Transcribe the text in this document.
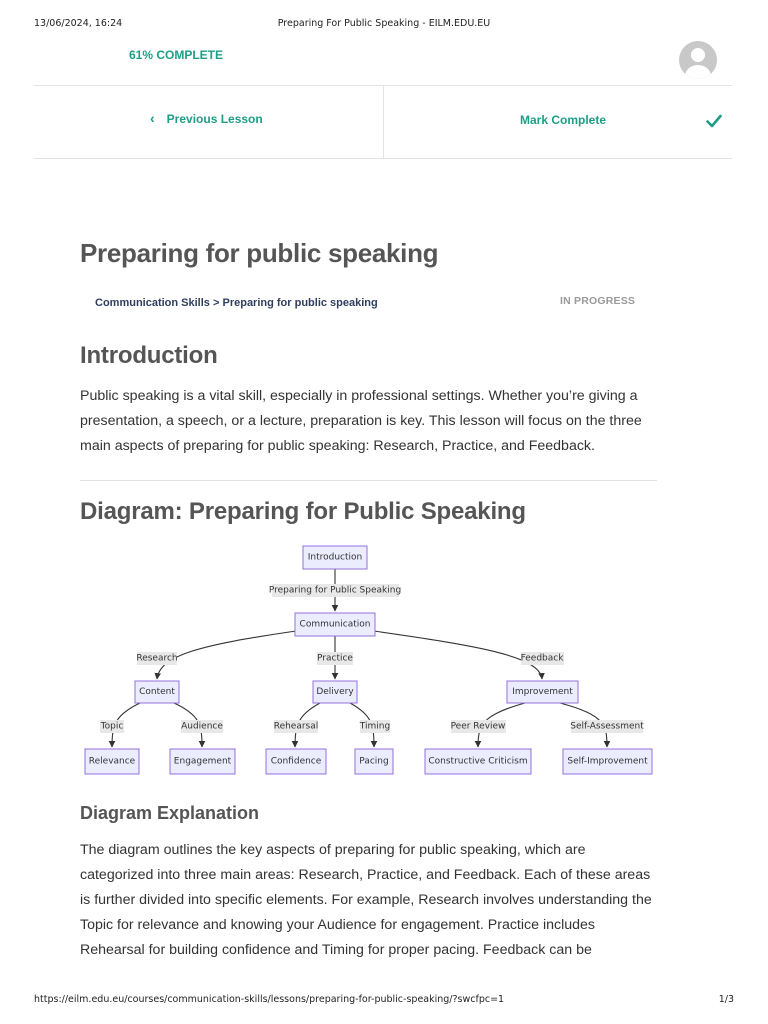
13/06/2024, 16:24	Preparing For Public Speaking - EILM.EDU.EU
61% COMPLETE
‹ Previous Lesson	Mark Complete
Preparing for public speaking
Communication Skills > Preparing for public speaking	IN PROGRESS
Introduction

Public speaking is a vital skill, especially in professional settings. Whether you’re giving a presentation, a speech, or a lecture, preparation is key. This lesson will focus on the three main aspects of preparing for public speaking: Research, Practice, and Feedback.

Diagram: Preparing for Public Speaking
Preparing for Public Speaking
Research	Practice	Feedback
Topic	Audience	Rehearsal	Timing	Peer Review	Self-Assessment
Introduction
Communication
Content	Delivery	Improvement
Relevance	Engagement	Confidence	Pacing	Constructive Criticism	Self-Improvement
Diagram Explanation

The diagram outlines the key aspects of preparing for public speaking, which are categorized into three main areas: Research, Practice, and Feedback. Each of these areas is further divided into specific elements. For example, Research involves understanding the Topic for relevance and knowing your Audience for engagement. Practice includes Rehearsal for building confidence and Timing for proper pacing. Feedback can be

https://eilm.edu.eu/courses/communication-skills/lessons/preparing-for-public-speaking/?swcfpc=1	1/3
